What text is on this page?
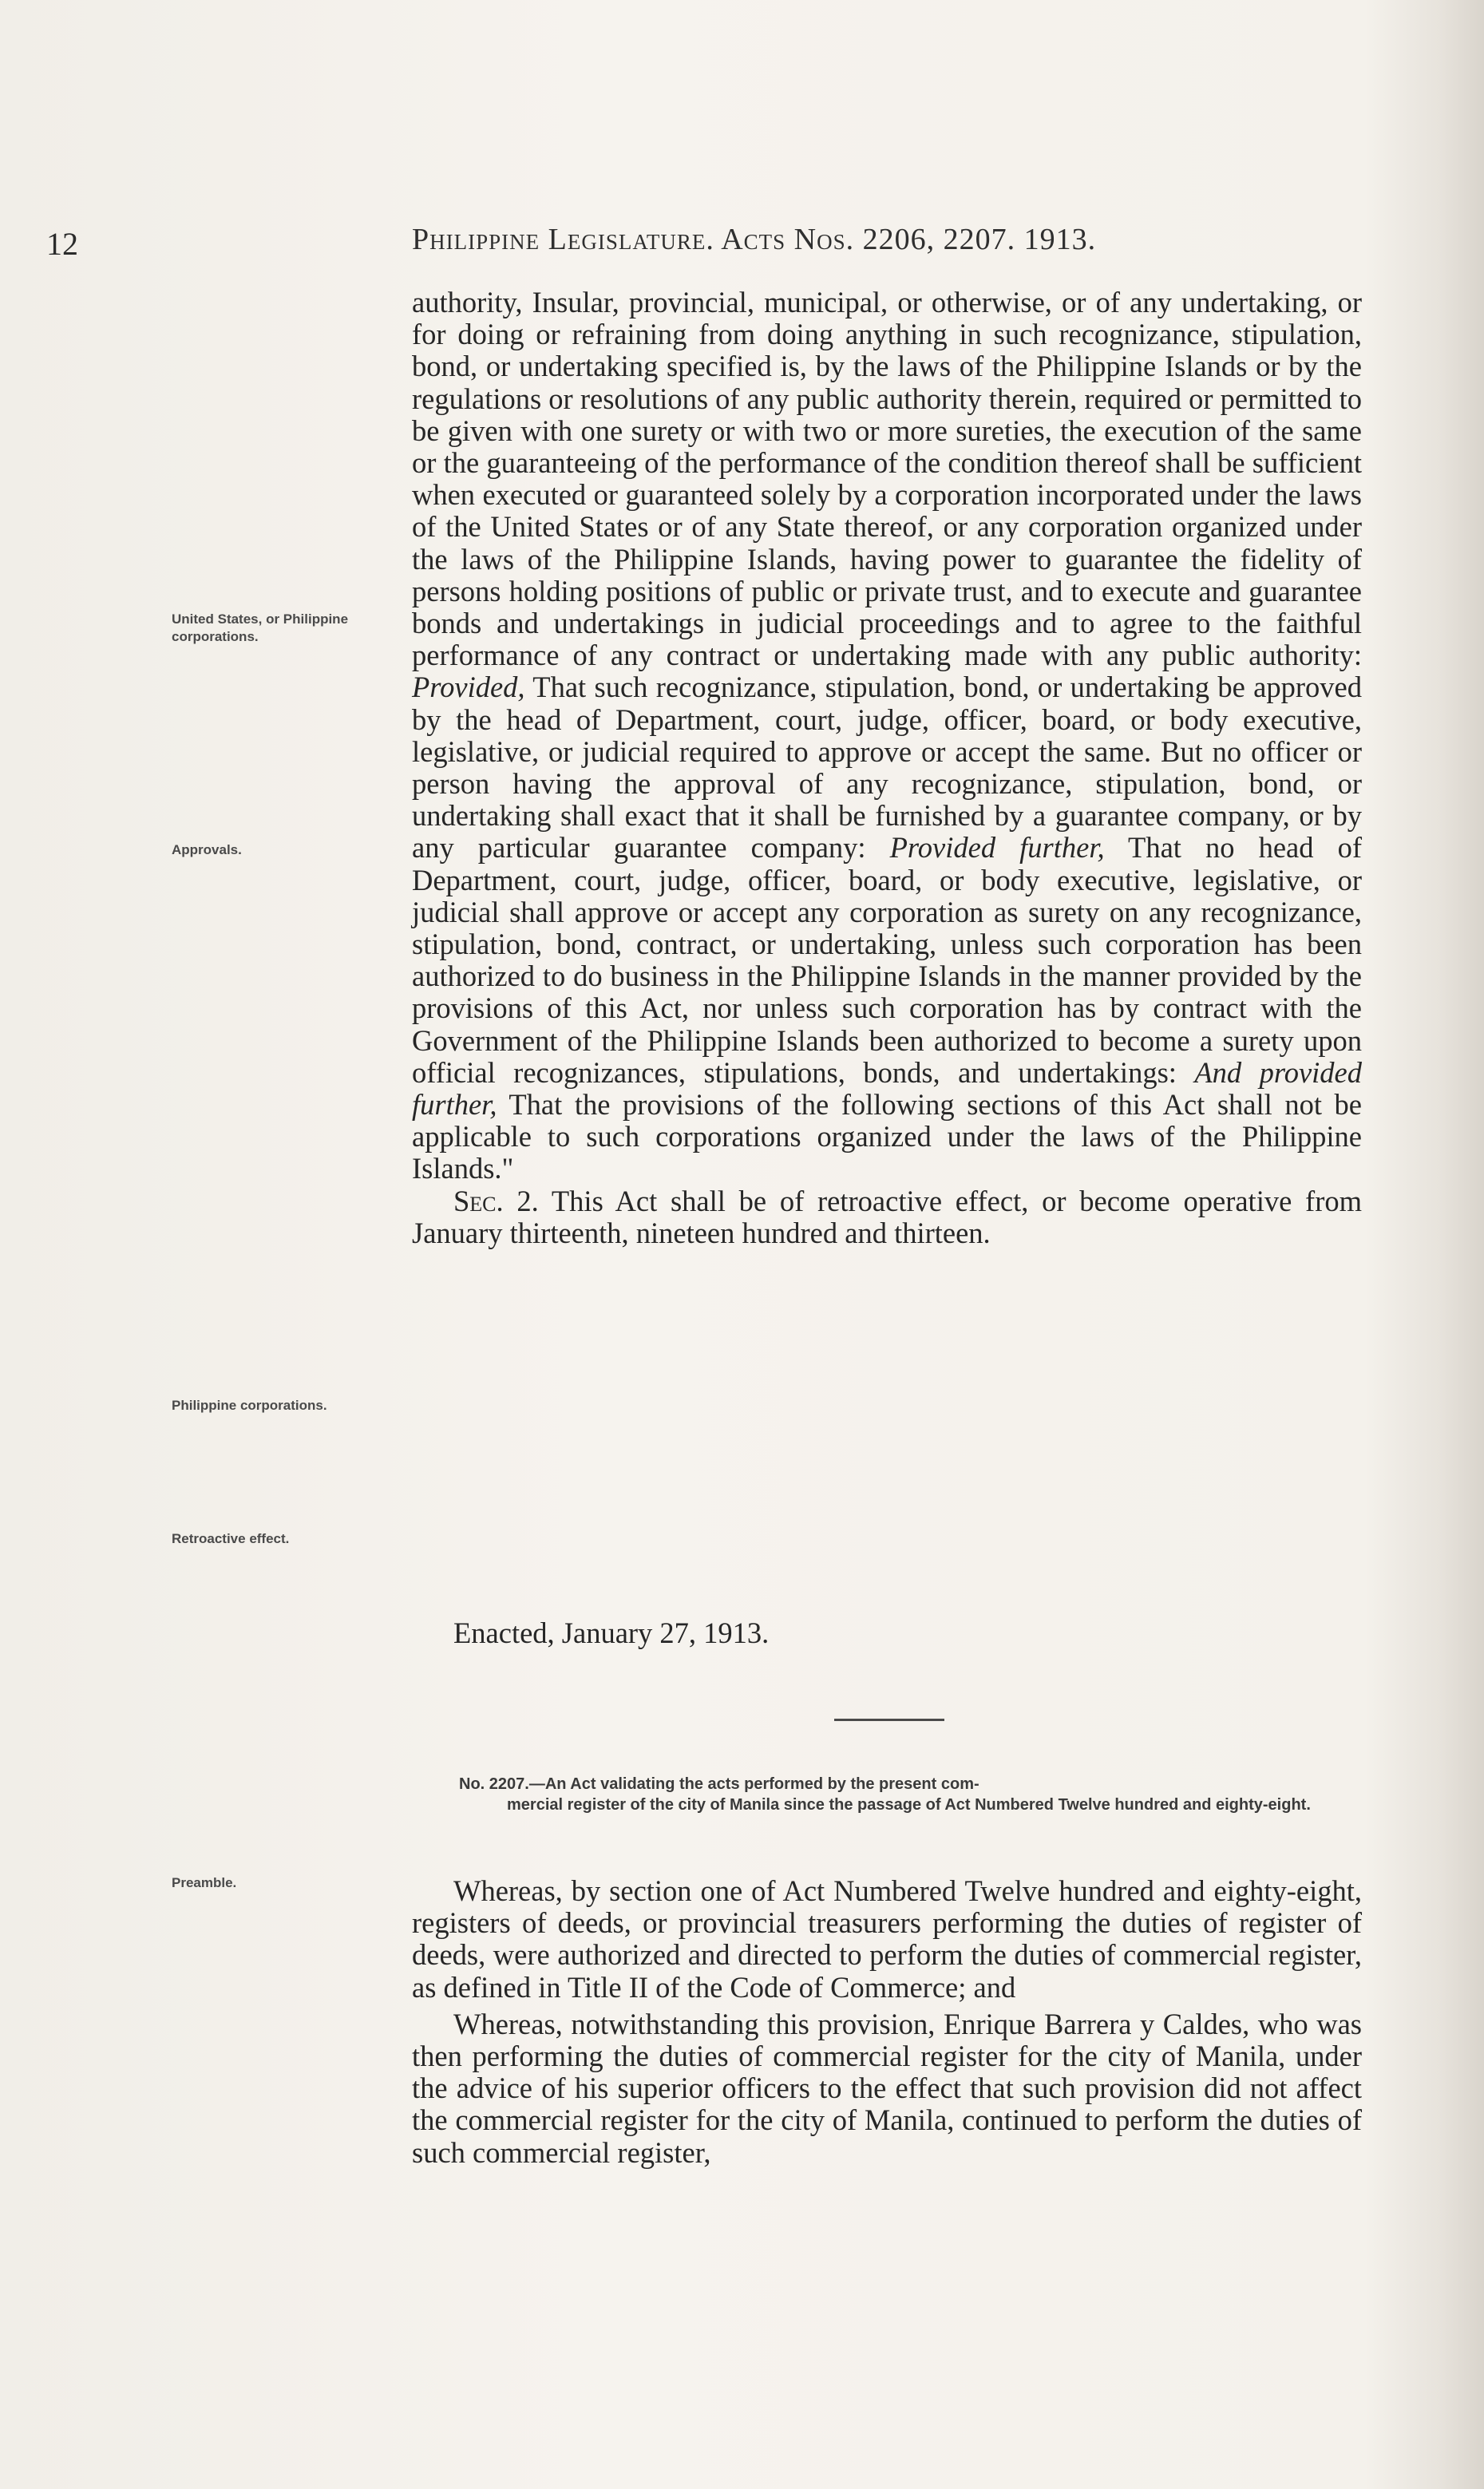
12	Philippine Legislature. Acts Nos. 2206, 2207. 1913.
United States, or Philippine corporations.
Approvals.
Philippine corporations.
Retroactive effect.
Preamble.

authority, Insular, provincial, municipal, or otherwise, or of any undertaking, or for doing or refraining from doing anything in such recognizance, stipulation, bond, or undertaking specified is, by the laws of the Philippine Islands or by the regulations or resolutions of any public authority therein, required or permitted to be given with one surety or with two or more sureties, the execution of the same or the guaranteeing of the performance of the condition thereof shall be sufficient when executed or guaranteed solely by a corporation incorporated under the laws of the United States or of any State thereof, or any corporation organized under the laws of the Philippine Islands, having power to guarantee the fidelity of persons holding positions of public or private trust, and to execute and guarantee bonds and undertakings in judicial proceedings and to agree to the faithful performance of any contract or undertaking made with any public authority: Provided, That such recognizance, stipulation, bond, or undertaking be approved by the head of Department, court, judge, officer, board, or body executive, legislative, or judicial required to approve or accept the same. But no officer or person having the approval of any recognizance, stipulation, bond, or undertaking shall exact that it shall be furnished by a guarantee company, or by any particular guarantee company: Provided further, That no head of Department, court, judge, officer, board, or body executive, legislative, or judicial shall approve or accept any corporation as surety on any recognizance, stipulation, bond, contract, or undertaking, unless such corporation has been authorized to do business in the Philippine Islands in the manner provided by the provisions of this Act, nor unless such corporation has by contract with the Government of the Philippine Islands been authorized to become a surety upon official recognizances, stipulations, bonds, and undertakings: And provided further, That the provisions of the following sections of this Act shall not be applicable to such corporations organized under the laws of the Philippine Islands."

Sec. 2. This Act shall be of retroactive effect, or become operative from January thirteenth, nineteen hundred and thirteen.

Enacted, January 27, 1913.
No. 2207.—An Act validating the acts performed by the present com-
mercial register of the city of Manila since the passage of Act Numbered Twelve hundred and eighty-eight.

Whereas, by section one of Act Numbered Twelve hundred and eighty-eight, registers of deeds, or provincial treasurers performing the duties of register of deeds, were authorized and directed to perform the duties of commercial register, as defined in Title II of the Code of Commerce; and

Whereas, notwithstanding this provision, Enrique Barrera y Caldes, who was then performing the duties of commercial register for the city of Manila, under the advice of his superior officers to the effect that such provision did not affect the commercial register for the city of Manila, continued to perform the duties of such commercial register,
